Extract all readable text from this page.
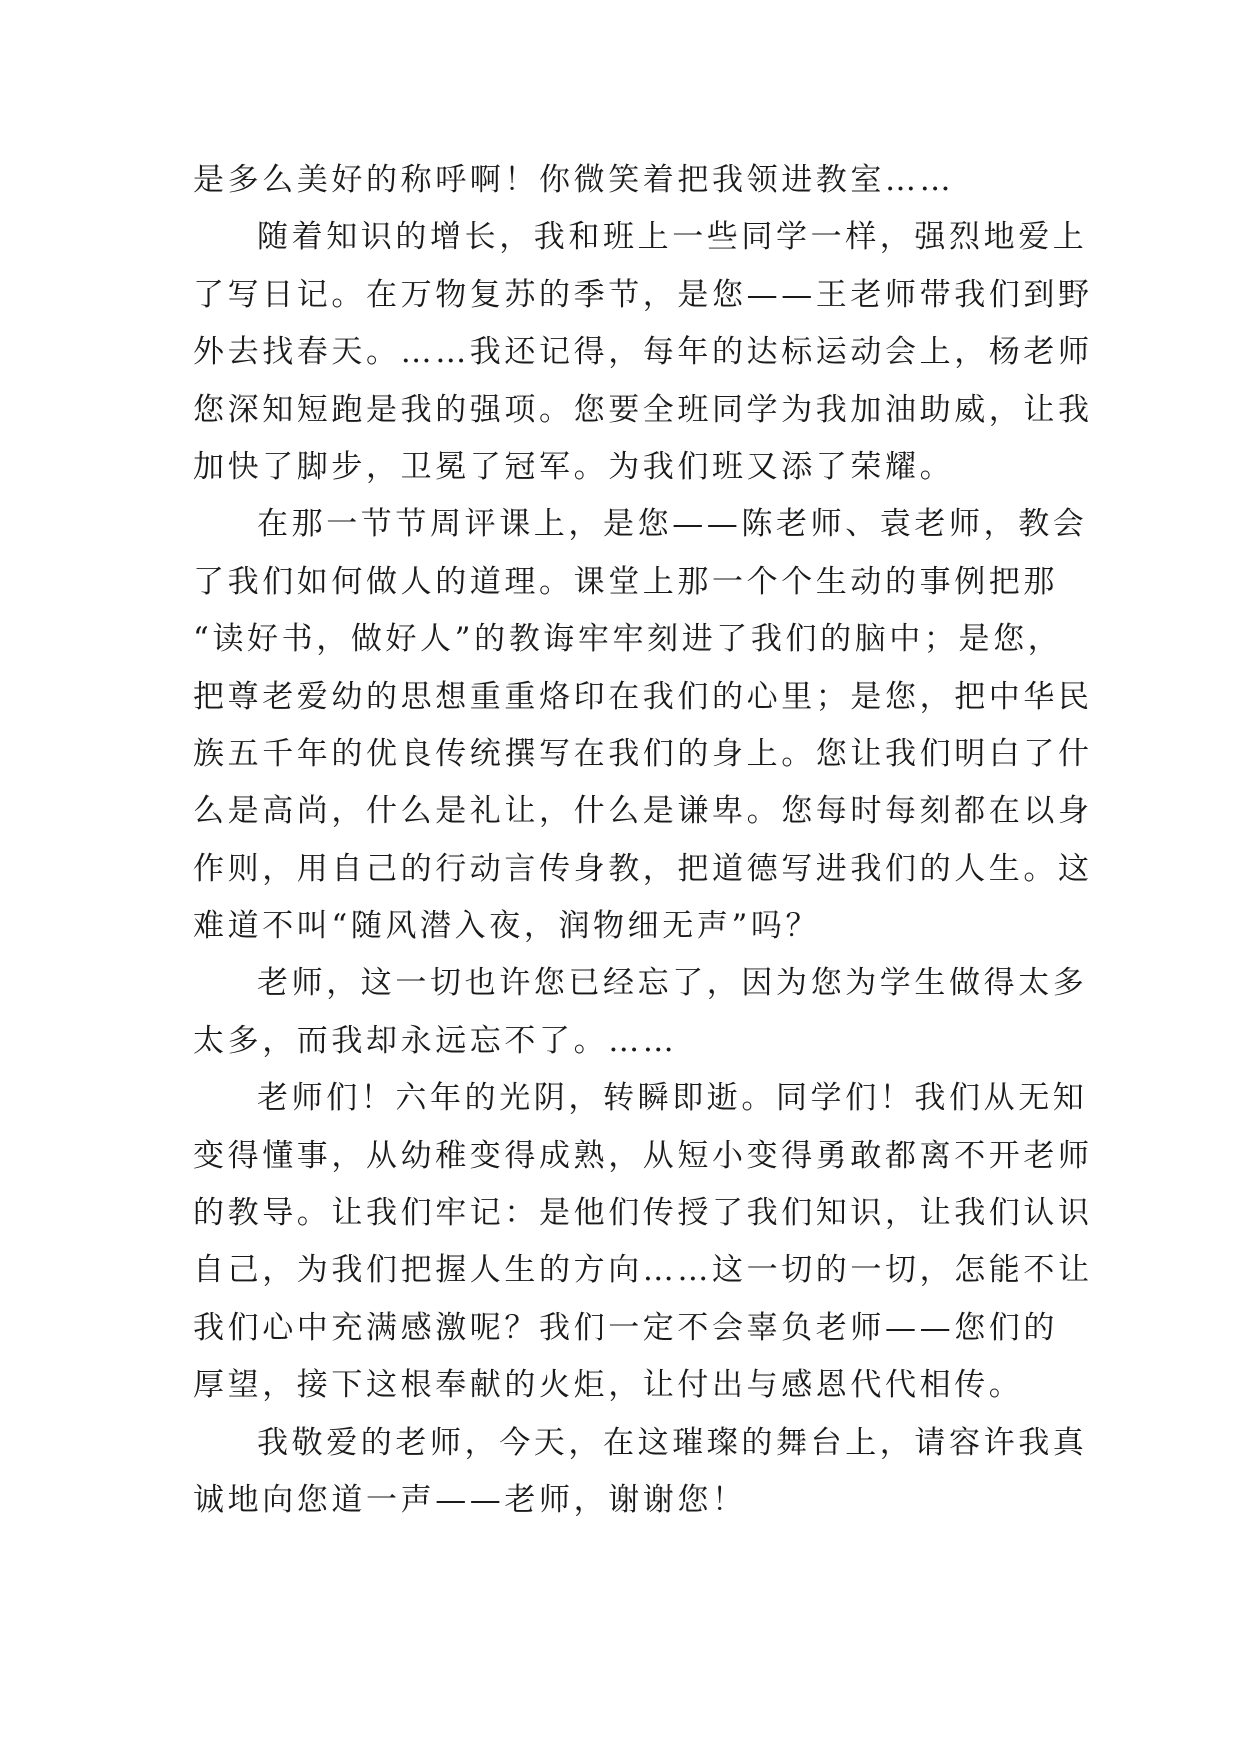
是多么美好的称呼啊！你微笑着把我领进教室……
随着知识的增长，我和班上一些同学一样，强烈地爱上
了写日记。在万物复苏的季节，是您——王老师带我们到野
外去找春天。……我还记得，每年的达标运动会上，杨老师
您深知短跑是我的强项。您要全班同学为我加油助威，让我
加快了脚步，卫冕了冠军。为我们班又添了荣耀。
在那一节节周评课上，是您——陈老师、袁老师，教会
了我们如何做人的道理。课堂上那一个个生动的事例把那
“读好书，做好人”的教诲牢牢刻进了我们的脑中；是您，
把尊老爱幼的思想重重烙印在我们的心里；是您，把中华民
族五千年的优良传统撰写在我们的身上。您让我们明白了什
么是高尚，什么是礼让，什么是谦卑。您每时每刻都在以身
作则，用自己的行动言传身教，把道德写进我们的人生。这
难道不叫“随风潜入夜，润物细无声”吗？
老师，这一切也许您已经忘了，因为您为学生做得太多
太多，而我却永远忘不了。……
老师们！六年的光阴，转瞬即逝。同学们！我们从无知
变得懂事，从幼稚变得成熟，从短小变得勇敢都离不开老师
的教导。让我们牢记：是他们传授了我们知识，让我们认识
自己，为我们把握人生的方向……这一切的一切，怎能不让
我们心中充满感激呢？我们一定不会辜负老师——您们的
厚望，接下这根奉献的火炬，让付出与感恩代代相传。
我敬爱的老师，今天，在这璀璨的舞台上，请容许我真
诚地向您道一声——老师，谢谢您！
